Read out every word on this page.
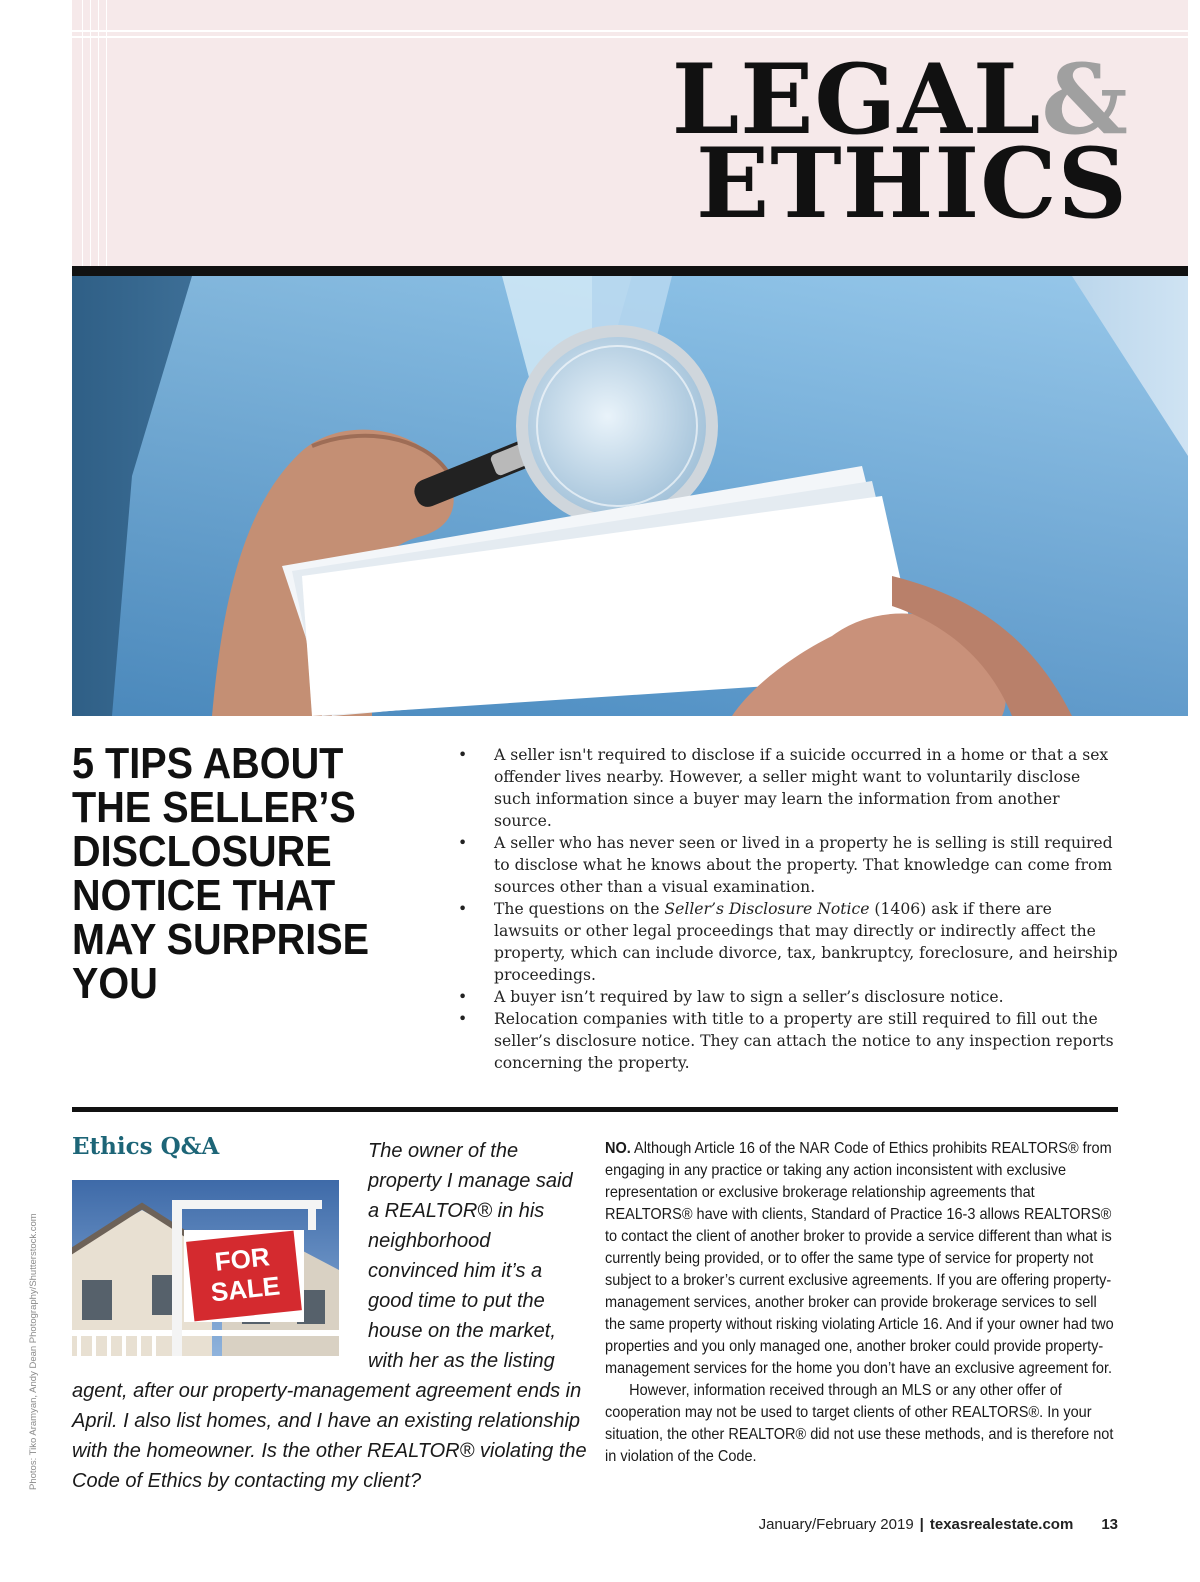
LEGAL&
ETHICS
5 TIPS ABOUT THE SELLER’S DISCLOSURE NOTICE THAT MAY SURPRISE YOU
• A seller isn't required to disclose if a suicide occurred in a home or that a sex offender lives nearby. However, a seller might want to voluntarily disclose such information since a buyer may learn the information from another source.
• A seller who has never seen or lived in a property he is selling is still required to disclose what he knows about the property. That knowledge can come from sources other than a visual examination.
• The questions on the Seller’s Disclosure Notice (1406) ask if there are lawsuits or other legal proceedings that may directly or indirectly affect the property, which can include divorce, tax, bankruptcy, foreclosure, and heirship proceedings.
• A buyer isn’t required by law to sign a seller’s disclosure notice.
• Relocation companies with title to a property are still required to fill out the seller’s disclosure notice. They can attach the notice to any inspection reports concerning the property.
Ethics Q&A
FOR
SALE
The owner of the property I manage said a REALTOR® in his neighborhood convinced him it’s a good time to put the house on the market, with her as the listing
agent, after our property-management agreement ends in April. I also list homes, and I have an existing relationship with the homeowner. Is the other REALTOR® violating the Code of Ethics by contacting my client?

NO. Although Article 16 of the NAR Code of Ethics prohibits REALTORS® from engaging in any practice or taking any action inconsistent with exclusive representation or exclusive brokerage relationship agreements that REALTORS® have with clients, Standard of Practice 16-3 allows REALTORS® to contact the client of another broker to provide a service different than what is currently being provided, or to offer the same type of service for property not subject to a broker’s current exclusive agreements. If you are offering property-management services, another broker can provide brokerage services to sell the same property without risking violating Article 16. And if your owner had two properties and you only managed one, another broker could provide property-management services for the home you don’t have an exclusive agreement for.

However, information received through an MLS or any other offer of cooperation may not be used to target clients of other REALTORS®. In your situation, the other REALTOR® did not use these methods, and is therefore not in violation of the Code.

Photos: Tiko Aramyan, Andy Dean Photography/Shutterstock.com
January/February 2019 | texasrealestate.com 13
